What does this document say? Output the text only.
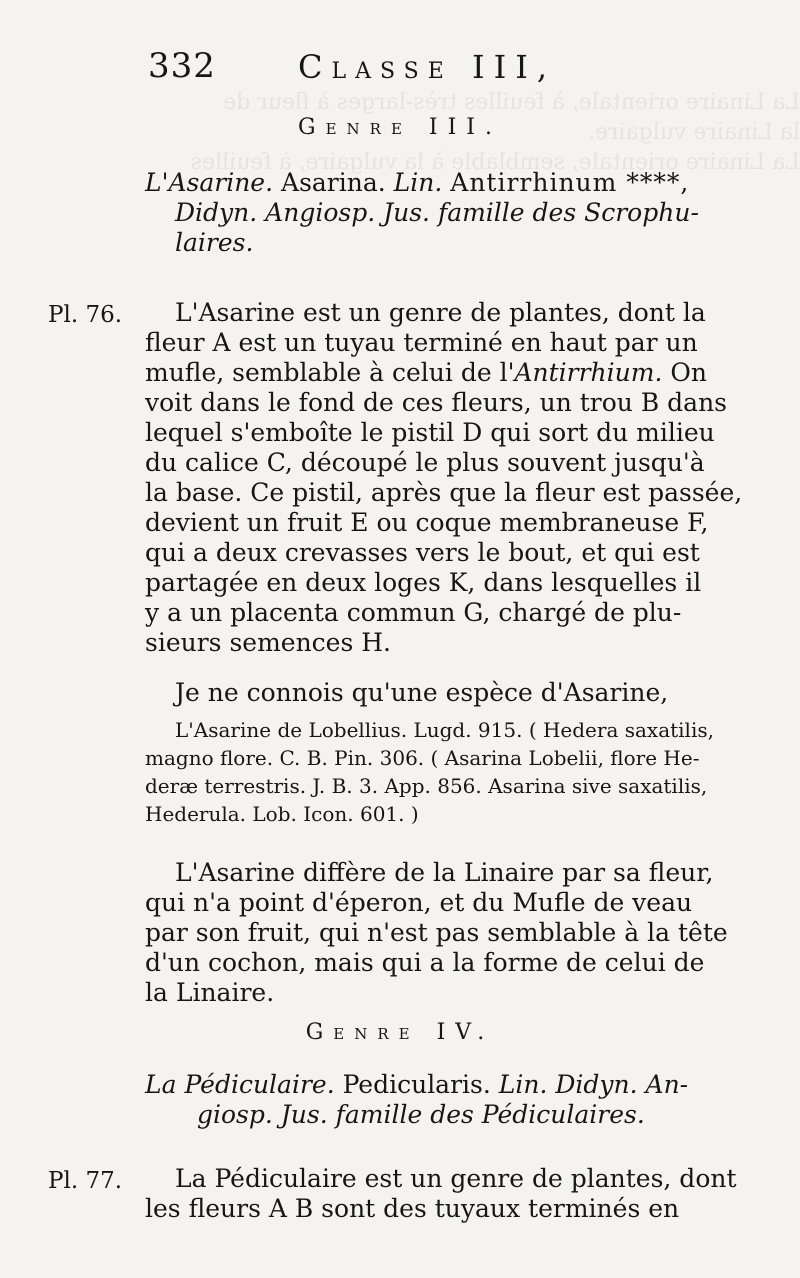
La Linaire orientale, à feuilles très-larges à fleur de
la Linaire vulgaire.
La Linaire orientale, semblable à la vulgaire, à feuilles
332	Classe III,
Genre III.
L'Asarine. Asarina. Lin. Antirrhinum ****,
Didyn. Angiosp. Jus. famille des Scrophu-
laires.
Pl. 76.	L'Asarine est un genre de plantes, dont la
fleur A est un tuyau terminé en haut par un
mufle, semblable à celui de l'Antirrhium. On
voit dans le fond de ces fleurs, un trou B dans
lequel s'emboîte le pistil D qui sort du milieu
du calice C, découpé le plus souvent jusqu'à
la base. Ce pistil, après que la fleur est passée,
devient un fruit E ou coque membraneuse F,
qui a deux crevasses vers le bout, et qui est
partagée en deux loges K, dans lesquelles il
y a un placenta commun G, chargé de plu-
sieurs semences H.
Je ne connois qu'une espèce d'Asarine,
L'Asarine de Lobellius. Lugd. 915. ( Hedera saxatilis,
magno flore. C. B. Pin. 306. ( Asarina Lobelii, flore He-
deræ terrestris. J. B. 3. App. 856. Asarina sive saxatilis,
Hederula. Lob. Icon. 601. )
L'Asarine diffère de la Linaire par sa fleur,
qui n'a point d'éperon, et du Mufle de veau
par son fruit, qui n'est pas semblable à la tête
d'un cochon, mais qui a la forme de celui de
la Linaire.
Genre IV.
La Pédiculaire. Pedicularis. Lin. Didyn. An-
giosp. Jus. famille des Pédiculaires.
Pl. 77.	La Pédiculaire est un genre de plantes, dont
les fleurs A B sont des tuyaux terminés en
